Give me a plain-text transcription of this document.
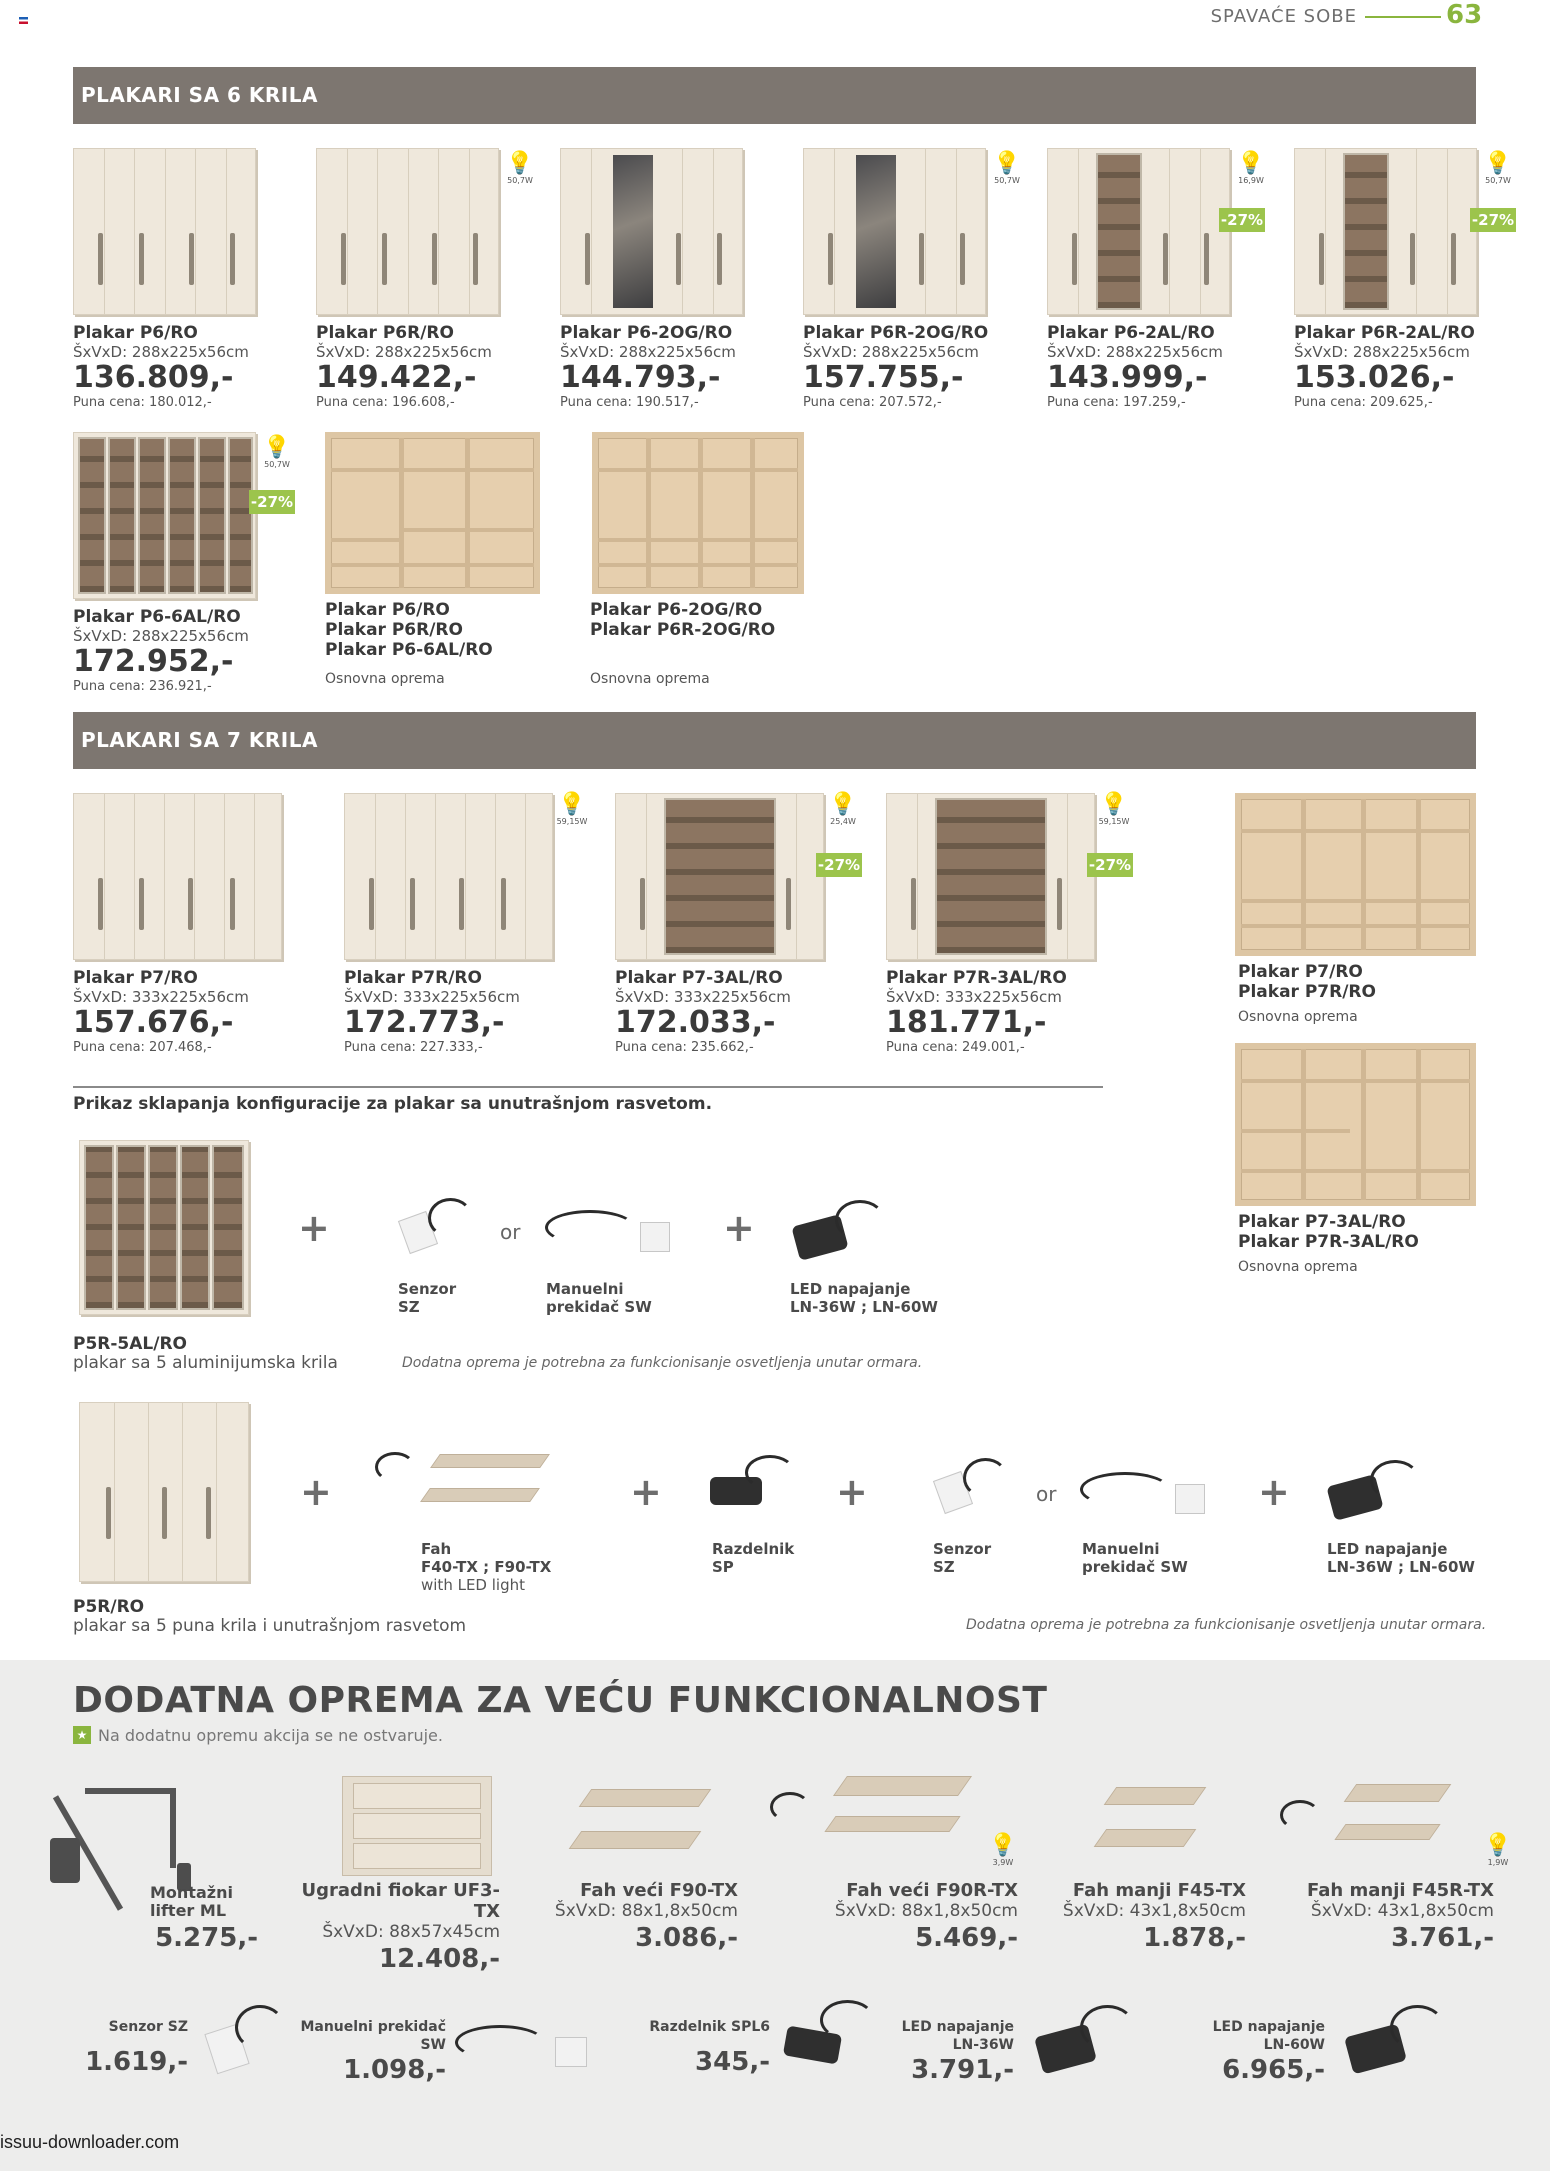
SPAVAĆE SOBE	63
PLAKARI SA 6 KRILA
Plakar P6/RO
ŠxVxD: 288x225x56cm
136.809,-
Puna cena: 180.012,-
💡
50,7W
Plakar P6R/RO
ŠxVxD: 288x225x56cm
149.422,-
Puna cena: 196.608,-
Plakar P6-2OG/RO
ŠxVxD: 288x225x56cm
144.793,-
Puna cena: 190.517,-
💡
50,7W
Plakar P6R-2OG/RO
ŠxVxD: 288x225x56cm
157.755,-
Puna cena: 207.572,-
💡
16,9W
-27%
Plakar P6-2AL/RO
ŠxVxD: 288x225x56cm
143.999,-
Puna cena: 197.259,-
💡
50,7W
-27%
Plakar P6R-2AL/RO
ŠxVxD: 288x225x56cm
153.026,-
Puna cena: 209.625,-
💡
50,7W
-27%
Plakar P6-6AL/RO
ŠxVxD: 288x225x56cm
172.952,-
Puna cena: 236.921,-
Plakar P6/RO
Plakar P6R/RO
Plakar P6-6AL/RO
Osnovna oprema
Plakar P6-2OG/RO
Plakar P6R-2OG/RO
Osnovna oprema
PLAKARI SA 7 KRILA
Plakar P7/RO
ŠxVxD: 333x225x56cm
157.676,-
Puna cena: 207.468,-
💡
59,15W
Plakar P7R/RO
ŠxVxD: 333x225x56cm
172.773,-
Puna cena: 227.333,-
💡
25,4W
-27%
Plakar P7-3AL/RO
ŠxVxD: 333x225x56cm
172.033,-
Puna cena: 235.662,-
💡
59,15W
-27%
Plakar P7R-3AL/RO
ŠxVxD: 333x225x56cm
181.771,-
Puna cena: 249.001,-
Plakar P7/RO
Plakar P7R/RO
Osnovna oprema
Plakar P7-3AL/RO
Plakar P7R-3AL/RO
Osnovna oprema
Prikaz sklapanja konfiguracije za plakar sa unutrašnjom rasvetom.
+
Senzor
SZ
or
Manuelni
prekidač SW
+
LED napajanje
LN-36W ; LN-60W
P5R-5AL/RO
plakar sa 5 aluminijumska krila	Dodatna oprema je potrebna za funkcionisanje osvetljenja unutar ormara.
+
Fah
F40-TX ; F90-TX
with LED light
+
Razdelnik
SP
+
Senzor
SZ
or
Manuelni
prekidač SW
+
LED napajanje
LN-36W ; LN-60W
P5R/RO
plakar sa 5 puna krila i unutrašnjom rasvetom	Dodatna oprema je potrebna za funkcionisanje osvetljenja unutar ormara.
DODATNA OPREMA ZA VEĆU FUNKCIONALNOST
★ Na dodatnu opremu akcija se ne ostvaruje.
💡
3,9W
💡
1,9W
Montažni
lifter ML
5.275,-
Ugradni fiokar UF3-TX
ŠxVxD: 88x57x45cm
12.408,-
Fah veći F90-TX
ŠxVxD: 88x1,8x50cm
3.086,-
Fah veći F90R-TX
ŠxVxD: 88x1,8x50cm
5.469,-
Fah manji F45-TX
ŠxVxD: 43x1,8x50cm
1.878,-
Fah manji F45R-TX
ŠxVxD: 43x1,8x50cm
3.761,-
Senzor SZ
1.619,-
Manuelni prekidač
SW
1.098,-
Razdelnik SPL6
345,-
LED napajanje
LN-36W
3.791,-
LED napajanje
LN-60W
6.965,-
issuu-downloader.com
